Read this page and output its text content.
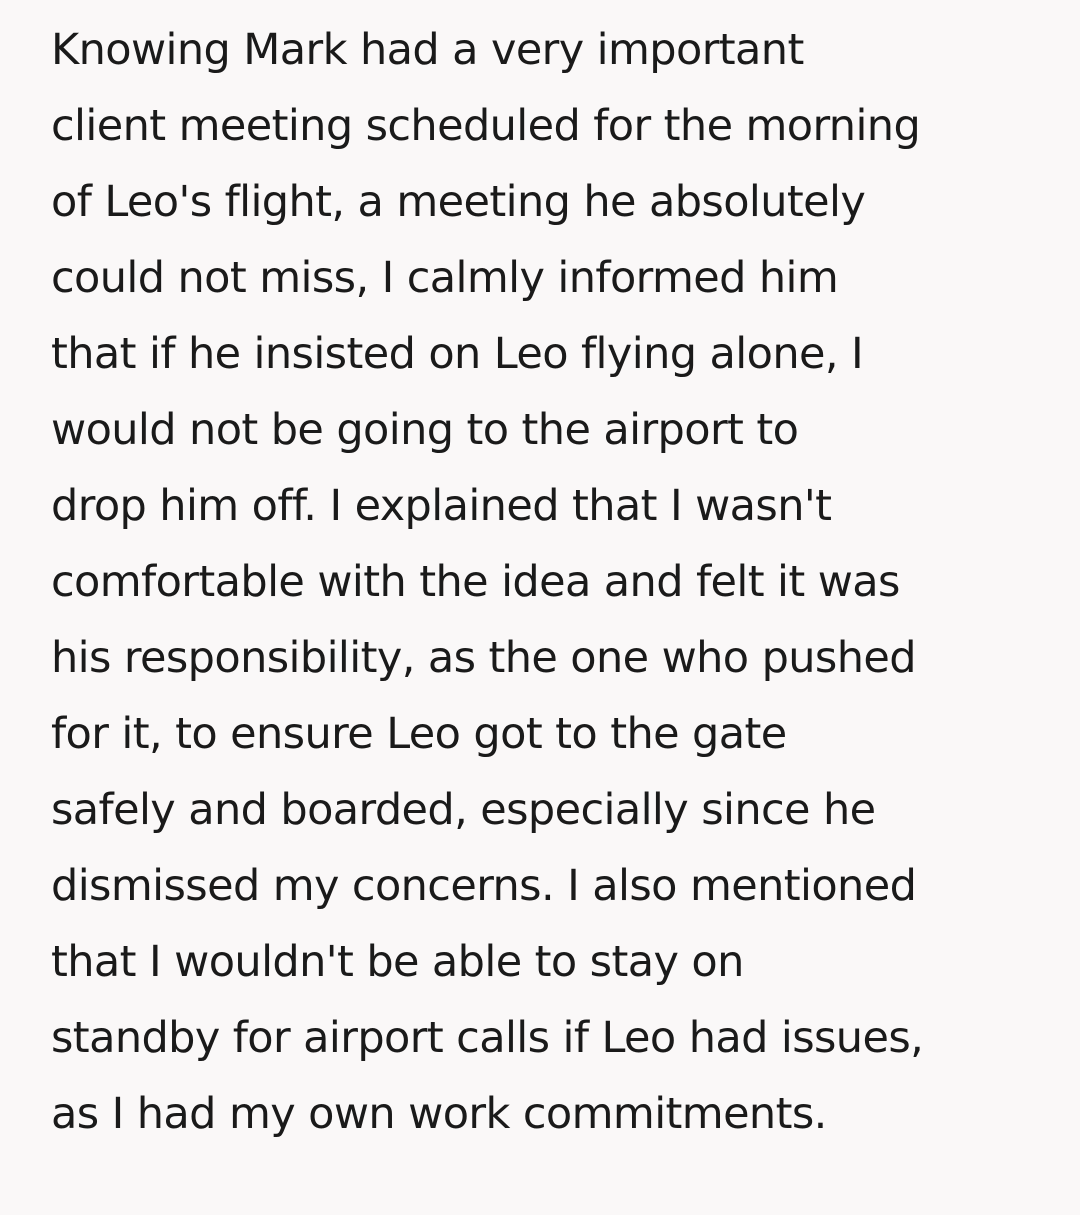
Knowing Mark had a very important
client meeting scheduled for the morning
of Leo's flight, a meeting he absolutely
could not miss, I calmly informed him
that if he insisted on Leo flying alone, I
would not be going to the airport to
drop him off. I explained that I wasn't
comfortable with the idea and felt it was
his responsibility, as the one who pushed
for it, to ensure Leo got to the gate
safely and boarded, especially since he
dismissed my concerns. I also mentioned
that I wouldn't be able to stay on
standby for airport calls if Leo had issues,
as I had my own work commitments.
